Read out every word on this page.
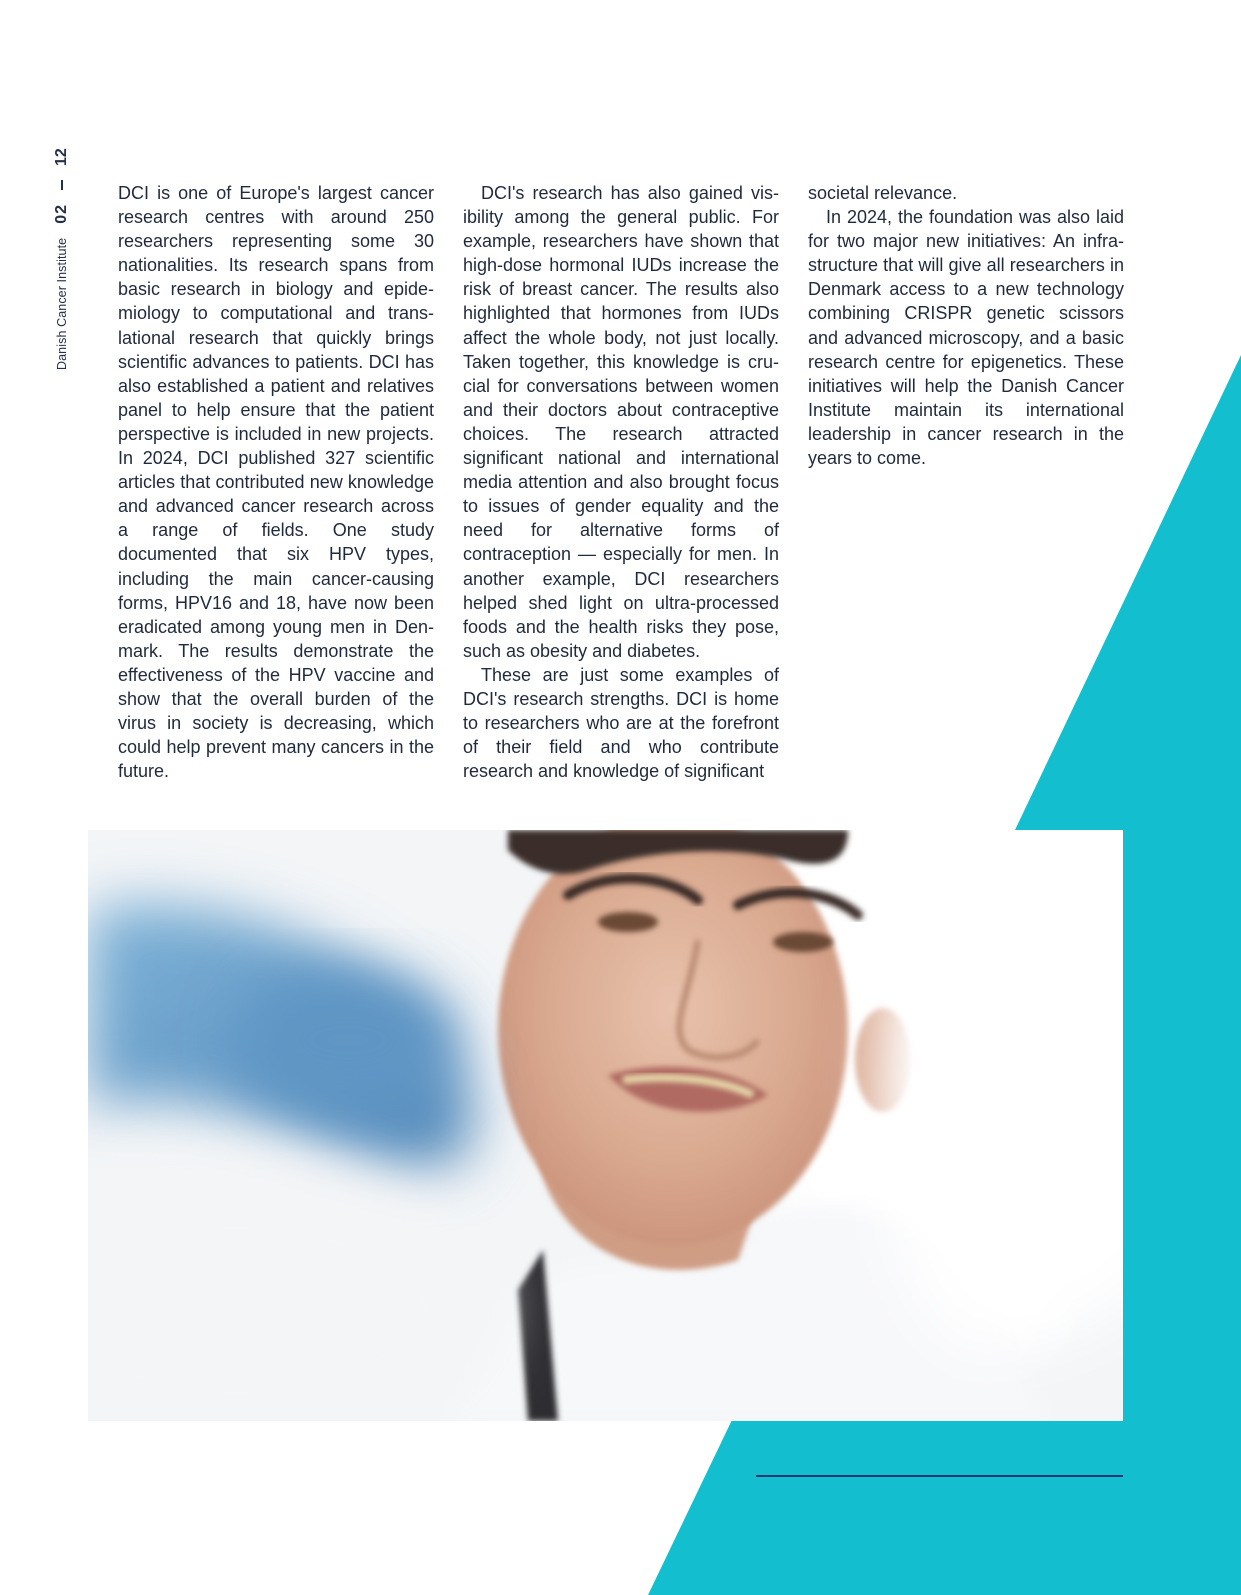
Danish Cancer Institute
02
12

DCI is one of Europe's largest cancer research centres with around 250 researchers representing some 30 nationalities. Its research spans from basic research in biology and epidemiology to computational and translational research that quickly brings scientific advances to patients. DCI has also established a patient and relatives panel to help ensure that the patient perspective is included in new projects. In 2024, DCI published 327 scientific articles that contributed new knowledge and advanced cancer research across a range of fields. One study documented that six HPV types, including the main cancer-causing forms, HPV16 and 18, have now been eradicated among young men in Denmark. The results demonstrate the effectiveness of the HPV vaccine and show that the overall burden of the virus in society is decreasing, which could help prevent many cancers in the future.

DCI's research has also gained visibility among the general public. For example, researchers have shown that high-dose hormonal IUDs increase the risk of breast cancer. The results also highlighted that hormones from IUDs affect the whole body, not just locally. Taken together, this knowledge is crucial for conversations between women and their doctors about contraceptive choices. The research attracted significant national and international media attention and also brought focus to issues of gender equality and the need for alternative forms of contraception — especially for men. In another example, DCI researchers helped shed light on ultra-processed foods and the health risks they pose, such as obesity and diabetes.

These are just some examples of DCI's research strengths. DCI is home to researchers who are at the forefront of their field and who contribute research and knowledge of significant

societal relevance.

In 2024, the foundation was also laid for two major new initiatives: An infrastructure that will give all researchers in Denmark access to a new technology combining CRISPR genetic scissors and advanced microscopy, and a basic research centre for epigenetics. These initiatives will help the Danish Cancer Institute maintain its international leadership in cancer research in the years to come.
